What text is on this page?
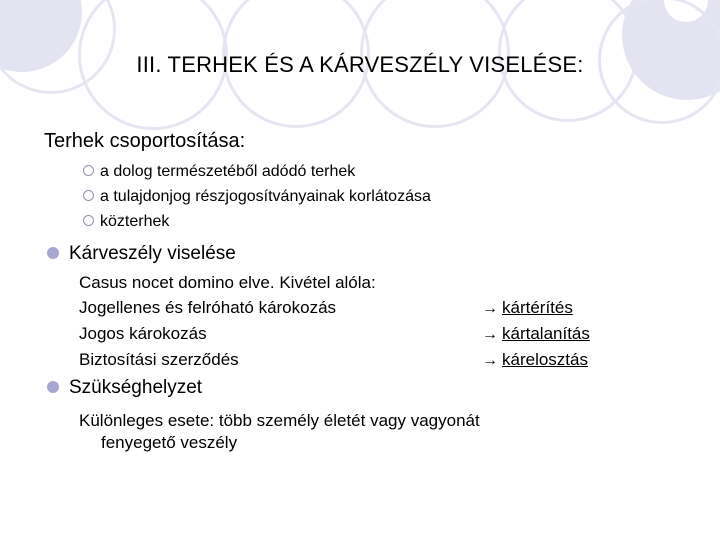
III. TERHEK ÉS A KÁRVESZÉLY VISELÉSE:
Terhek csoportosítása:
a dolog természetéből adódó terhek
a tulajdonjog részjogosítványainak korlátozása
közterhek
Kárveszély viselése
Casus nocet domino elve. Kivétel alóla:
Jogellenes és felróható károkozás	→ kártérítés
Jogos károkozás	→ kártalanítás
Biztosítási szerződés	→ kárelosztás
Szükséghelyzet
Különleges esete: több személy életét vagy vagyonát
fenyegető veszély
